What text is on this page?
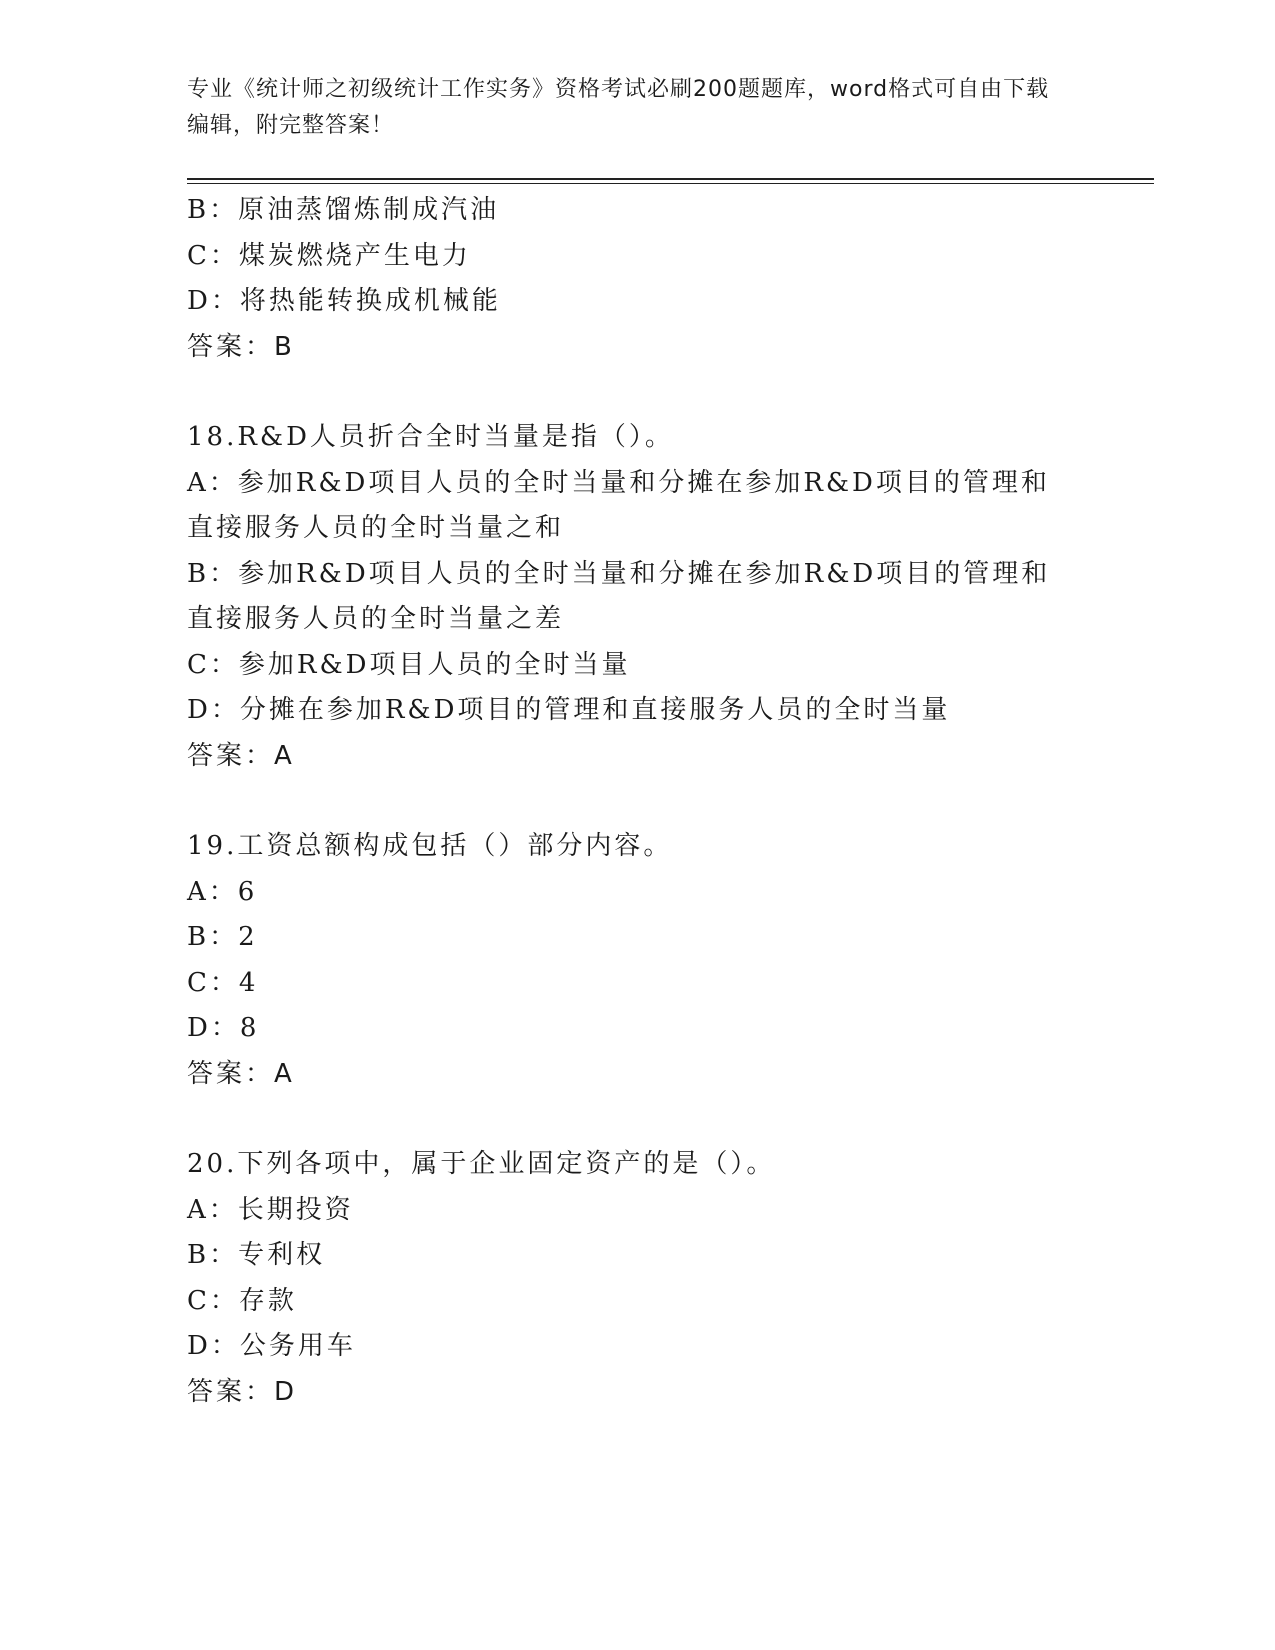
专业《统计师之初级统计工作实务》资格考试必刷200题题库，word格式可自由下载编辑，附完整答案！
B：原油蒸馏炼制成汽油
C：煤炭燃烧产生电力
D：将热能转换成机械能
答案：B
18.R&D人员折合全时当量是指（）。
A：参加R&D项目人员的全时当量和分摊在参加R&D项目的管理和直接服务人员的全时当量之和
B：参加R&D项目人员的全时当量和分摊在参加R&D项目的管理和直接服务人员的全时当量之差
C：参加R&D项目人员的全时当量
D：分摊在参加R&D项目的管理和直接服务人员的全时当量
答案：A
19.工资总额构成包括（）部分内容。
A：6
B：2
C：4
D：8
答案：A
20.下列各项中，属于企业固定资产的是（）。
A：长期投资
B：专利权
C：存款
D：公务用车
答案：D
